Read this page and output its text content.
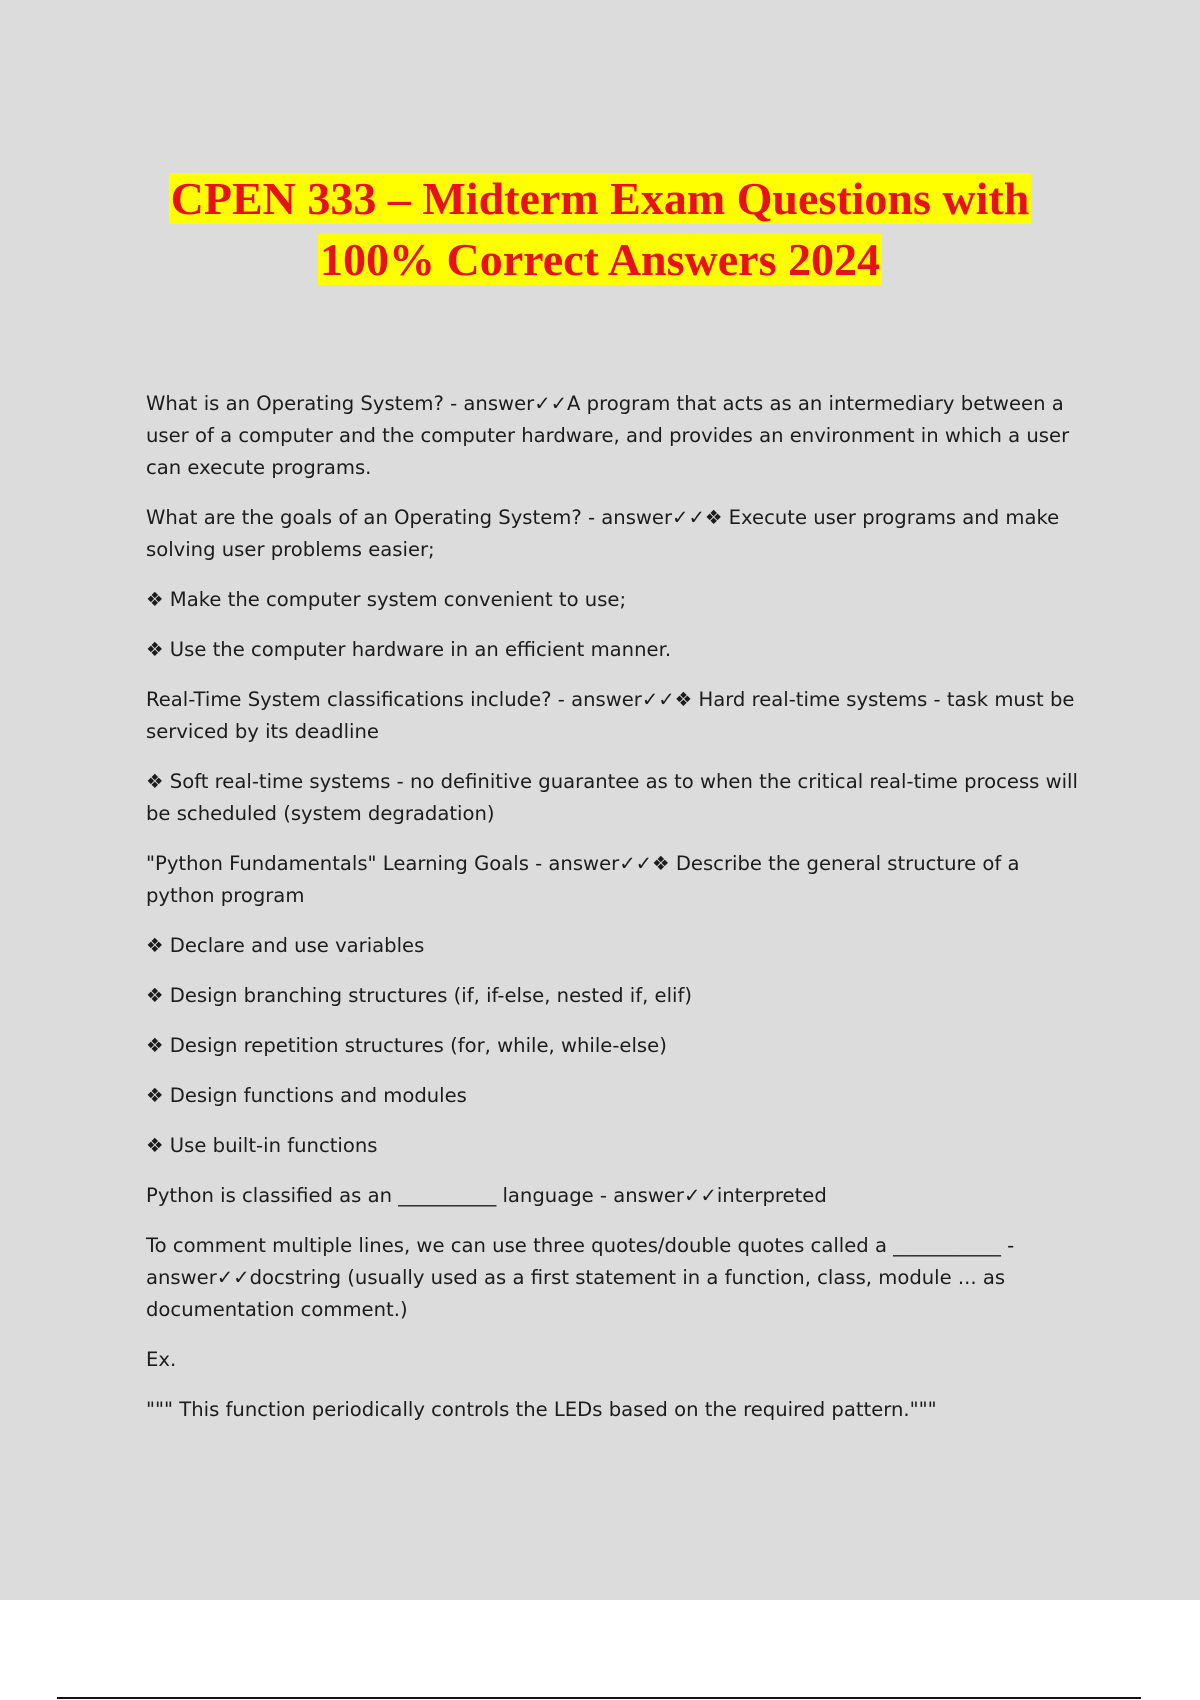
CPEN 333 – Midterm Exam Questions with
100% Correct Answers 2024

What is an Operating System? - answer✓✓A program that acts as an intermediary between a user of a computer and the computer hardware, and provides an environment in which a user can execute programs.

What are the goals of an Operating System? - answer✓✓❖ Execute user programs and make solving user problems easier;

❖ Make the computer system convenient to use;

❖ Use the computer hardware in an efficient manner.

Real-Time System classifications include? - answer✓✓❖ Hard real-time systems - task must be serviced by its deadline

❖ Soft real-time systems - no definitive guarantee as to when the critical real-time process will be scheduled (system degradation)

"Python Fundamentals" Learning Goals - answer✓✓❖ Describe the general structure of a python program

❖ Declare and use variables

❖ Design branching structures (if, if-else, nested if, elif)

❖ Design repetition structures (for, while, while-else)

❖ Design functions and modules

❖ Use built-in functions

Python is classified as an __________ language - answer✓✓interpreted

To comment multiple lines, we can use three quotes/double quotes called a ___________ - answer✓✓docstring (usually used as a first statement in a function, class, module ... as documentation comment.)

Ex.

""" This function periodically controls the LEDs based on the required pattern."""
